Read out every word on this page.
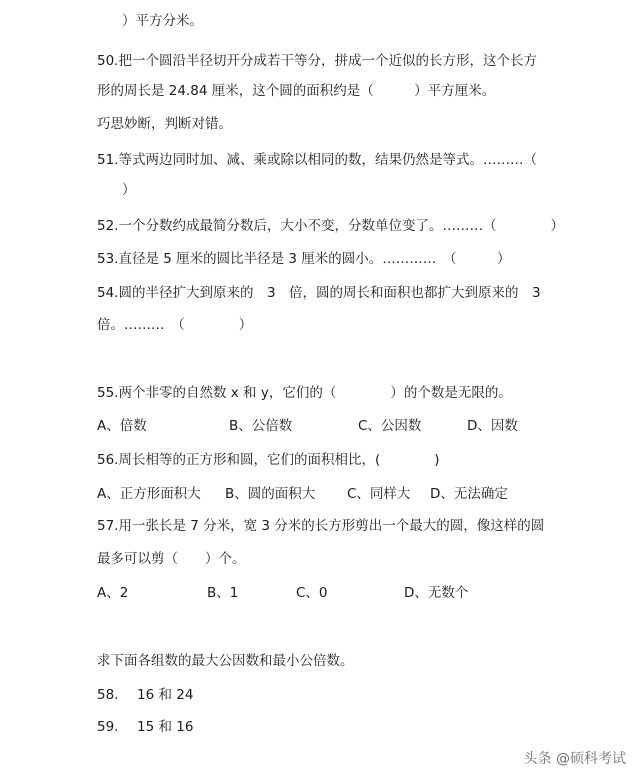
）平方分米。
50.把一个圆沿半径切开分成若干等分，拼成一个近似的长方形，这个长方
形的周长是 24.84 厘米，这个圆的面积约是（　　　）平方厘米。
巧思妙断，判断对错。
51.等式两边同时加、减、乘或除以相同的数，结果仍然是等式。………（
）
52.一个分数约成最简分数后，大小不变，分数单位变了。………（　　　　）
53.直径是 5 厘米的圆比半径是 3 厘米的圆小。…………　（　　　）
54.圆的半径扩大到原来的　3　倍，圆的周长和面积也都扩大到原来的　3
倍。………　（　　　　）
55.两个非零的自然数 x 和 y，它们的（　　　　）的个数是无限的。
A、倍数	B、公倍数	C、公因数	D、因数
56.周长相等的正方形和圆，它们的面积相比，(　　　　)
A、正方形面积大 B、圆的面积大 C、同样大 D、无法确定
57.用一张长是 7 分米，宽 3 分米的长方形剪出一个最大的圆，像这样的圆
最多可以剪（　　）个。
A、2	B、1	C、0	D、无数个
求下面各组数的最大公因数和最小公倍数。
58. 16 和 24
59. 15 和 16
头条 @硕科考试
